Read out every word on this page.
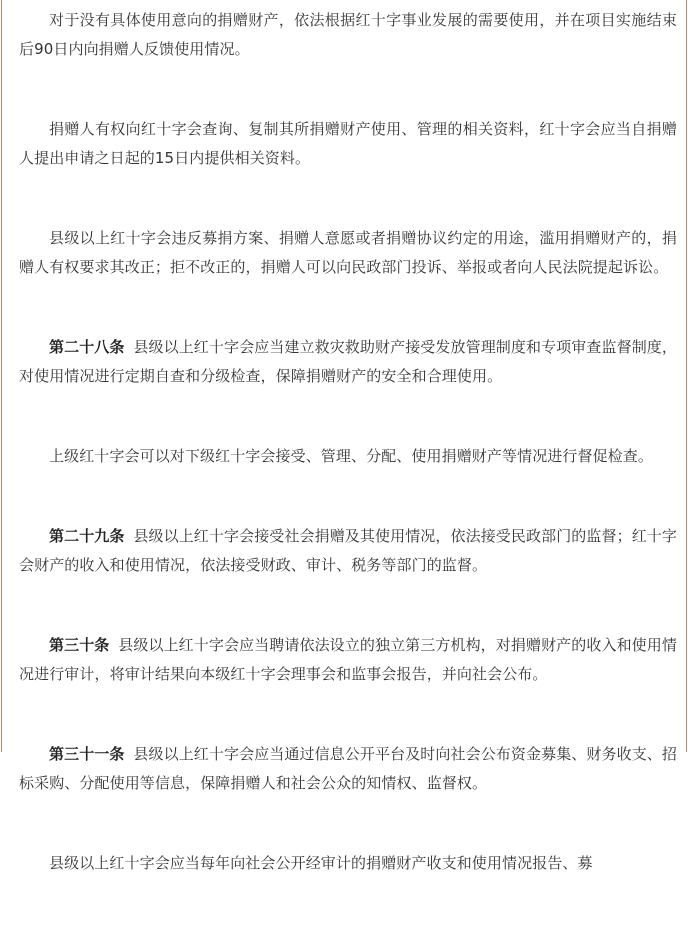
对于没有具体使用意向的捐赠财产，依法根据红十字事业发展的需要使用，并在项目实施结束后90日内向捐赠人反馈使用情况。

捐赠人有权向红十字会查询、复制其所捐赠财产使用、管理的相关资料，红十字会应当自捐赠人提出申请之日起的15日内提供相关资料。

县级以上红十字会违反募捐方案、捐赠人意愿或者捐赠协议约定的用途，滥用捐赠财产的，捐赠人有权要求其改正；拒不改正的，捐赠人可以向民政部门投诉、举报或者向人民法院提起诉讼。

第二十八条 县级以上红十字会应当建立救灾救助财产接受发放管理制度和专项审查监督制度，对使用情况进行定期自查和分级检查，保障捐赠财产的安全和合理使用。

上级红十字会可以对下级红十字会接受、管理、分配、使用捐赠财产等情况进行督促检查。

第二十九条 县级以上红十字会接受社会捐赠及其使用情况，依法接受民政部门的监督；红十字会财产的收入和使用情况，依法接受财政、审计、税务等部门的监督。

第三十条 县级以上红十字会应当聘请依法设立的独立第三方机构，对捐赠财产的收入和使用情况进行审计，将审计结果向本级红十字会理事会和监事会报告，并向社会公布。

第三十一条 县级以上红十字会应当通过信息公开平台及时向社会公布资金募集、财务收支、招标采购、分配使用等信息，保障捐赠人和社会公众的知情权、监督权。

县级以上红十字会应当每年向社会公开经审计的捐赠财产收支和使用情况报告、募
